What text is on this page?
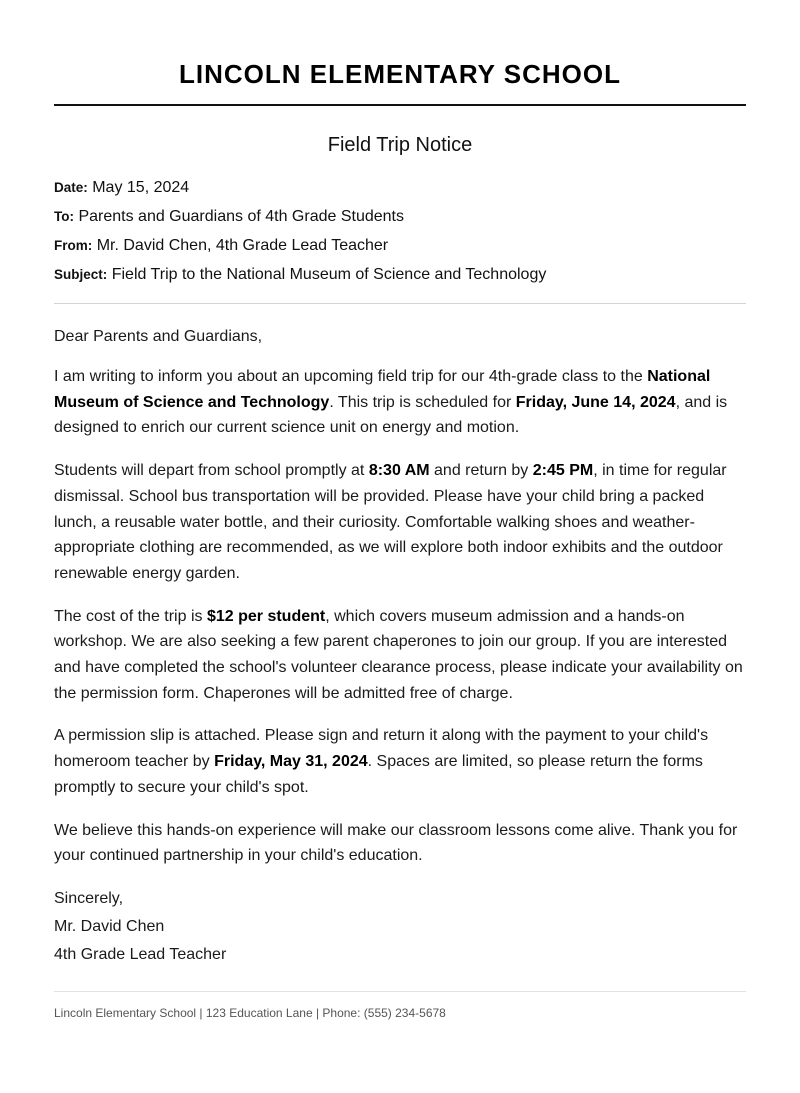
LINCOLN ELEMENTARY SCHOOL
Field Trip Notice
Date: May 15, 2024
To: Parents and Guardians of 4th Grade Students
From: Mr. David Chen, 4th Grade Lead Teacher
Subject: Field Trip to the National Museum of Science and Technology

Dear Parents and Guardians,

I am writing to inform you about an upcoming field trip for our 4th-grade class to the National Museum of Science and Technology. This trip is scheduled for Friday, June 14, 2024, and is designed to enrich our current science unit on energy and motion.

Students will depart from school promptly at 8:30 AM and return by 2:45 PM, in time for regular dismissal. School bus transportation will be provided. Please have your child bring a packed lunch, a reusable water bottle, and their curiosity. Comfortable walking shoes and weather-appropriate clothing are recommended, as we will explore both indoor exhibits and the outdoor renewable energy garden.

The cost of the trip is $12 per student, which covers museum admission and a hands-on workshop. We are also seeking a few parent chaperones to join our group. If you are interested and have completed the school's volunteer clearance process, please indicate your availability on the permission form. Chaperones will be admitted free of charge.

A permission slip is attached. Please sign and return it along with the payment to your child's homeroom teacher by Friday, May 31, 2024. Spaces are limited, so please return the forms promptly to secure your child's spot.

We believe this hands-on experience will make our classroom lessons come alive. Thank you for your continued partnership in your child's education.

Sincerely,
Mr. David Chen
4th Grade Lead Teacher
Lincoln Elementary School | 123 Education Lane | Phone: (555) 234-5678
